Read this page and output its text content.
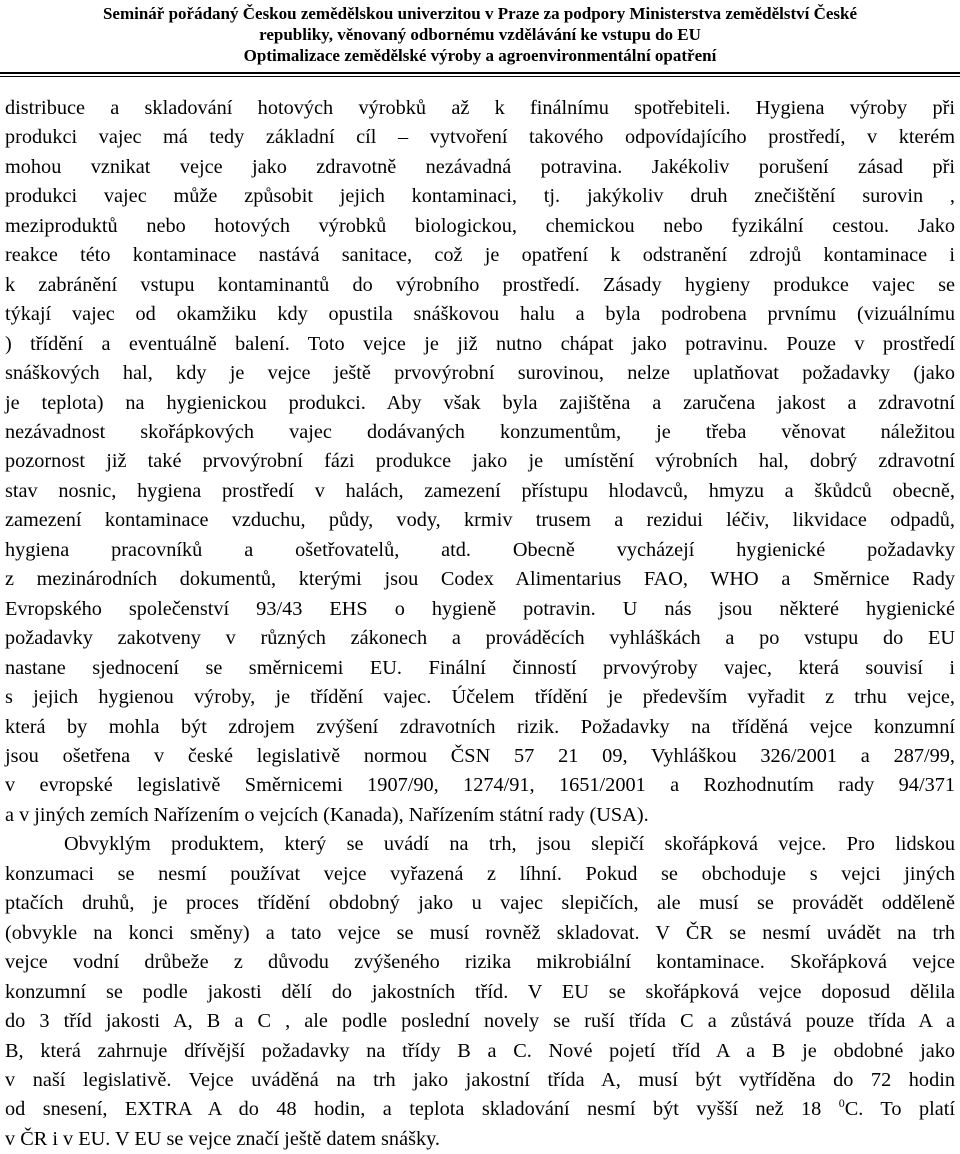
Seminář pořádaný Českou zemědělskou univerzitou v Praze za podpory Ministerstva zemědělství České
republiky, věnovaný odbornému vzdělávání ke vstupu do EU
Optimalizace zemědělské výroby a agroenvironmentální opatření

distribuce a skladování hotových výrobků až k finálnímu spotřebiteli. Hygiena výroby při
produkci vajec má tedy základní cíl – vytvoření takového odpovídajícího prostředí, v kterém
mohou vznikat vejce jako zdravotně nezávadná potravina. Jakékoliv porušení zásad při
produkci vajec může způsobit jejich kontaminaci, tj. jakýkoliv druh znečištění surovin ,
meziproduktů nebo hotových výrobků biologickou, chemickou nebo fyzikální cestou. Jako
reakce této kontaminace nastává sanitace, což je opatření k odstranění zdrojů kontaminace i
k zabránění vstupu kontaminantů do výrobního prostředí. Zásady hygieny produkce vajec se
týkají vajec od okamžiku kdy opustila snáškovou halu a byla podrobena prvnímu (vizuálnímu
) třídění a eventuálně balení. Toto vejce je již nutno chápat jako potravinu. Pouze v prostředí
snáškových hal, kdy je vejce ještě prvovýrobní surovinou, nelze uplatňovat požadavky (jako
je teplota) na hygienickou produkci. Aby však byla zajištěna a zaručena jakost a zdravotní
nezávadnost skořápkových vajec dodávaných konzumentům, je třeba věnovat náležitou
pozornost již také prvovýrobní fázi produkce jako je umístění výrobních hal, dobrý zdravotní
stav nosnic, hygiena prostředí v halách, zamezení přístupu hlodavců, hmyzu a škůdců obecně,
zamezení kontaminace vzduchu, půdy, vody, krmiv trusem a rezidui léčiv, likvidace odpadů,
hygiena pracovníků a ošetřovatelů, atd. Obecně vycházejí hygienické požadavky
z mezinárodních dokumentů, kterými jsou Codex Alimentarius FAO, WHO a Směrnice Rady
Evropského společenství 93/43 EHS o hygieně potravin. U nás jsou některé hygienické
požadavky zakotveny v různých zákonech a prováděcích vyhláškách a po vstupu do EU
nastane sjednocení se směrnicemi EU. Finální činností prvovýroby vajec, která souvisí i
s jejich hygienou výroby, je třídění vajec. Účelem třídění je především vyřadit z trhu vejce,
která by mohla být zdrojem zvýšení zdravotních rizik. Požadavky na tříděná vejce konzumní
jsou ošetřena v české legislativě normou ČSN 57 21 09, Vyhláškou 326/2001 a 287/99,
v evropské legislativě Směrnicemi 1907/90, 1274/91, 1651/2001 a Rozhodnutím rady 94/371
a v jiných zemích Nařízením o vejcích (Kanada), Nařízením státní rady (USA).

Obvyklým produktem, který se uvádí na trh, jsou slepičí skořápková vejce. Pro lidskou
konzumaci se nesmí používat vejce vyřazená z líhní. Pokud se obchoduje s vejci jiných
ptačích druhů, je proces třídění obdobný jako u vajec slepičích, ale musí se provádět odděleně
(obvykle na konci směny) a tato vejce se musí rovněž skladovat. V ČR se nesmí uvádět na trh
vejce vodní drůbeže z důvodu zvýšeného rizika mikrobiální kontaminace. Skořápková vejce
konzumní se podle jakosti dělí do jakostních tříd. V EU se skořápková vejce doposud dělila
do 3 tříd jakosti A, B a C , ale podle poslední novely se ruší třída C a zůstává pouze třída A a
B, která zahrnuje dřívější požadavky na třídy B a C. Nové pojetí tříd A a B je obdobné jako
v naší legislativě. Vejce uváděná na trh jako jakostní třída A, musí být vytříděna do 72 hodin
od snesení, EXTRA A do 48 hodin, a teplota skladování nesmí být vyšší než 18 $^0$C. To platí
v ČR i v EU. V EU se vejce značí ještě datem snášky.
